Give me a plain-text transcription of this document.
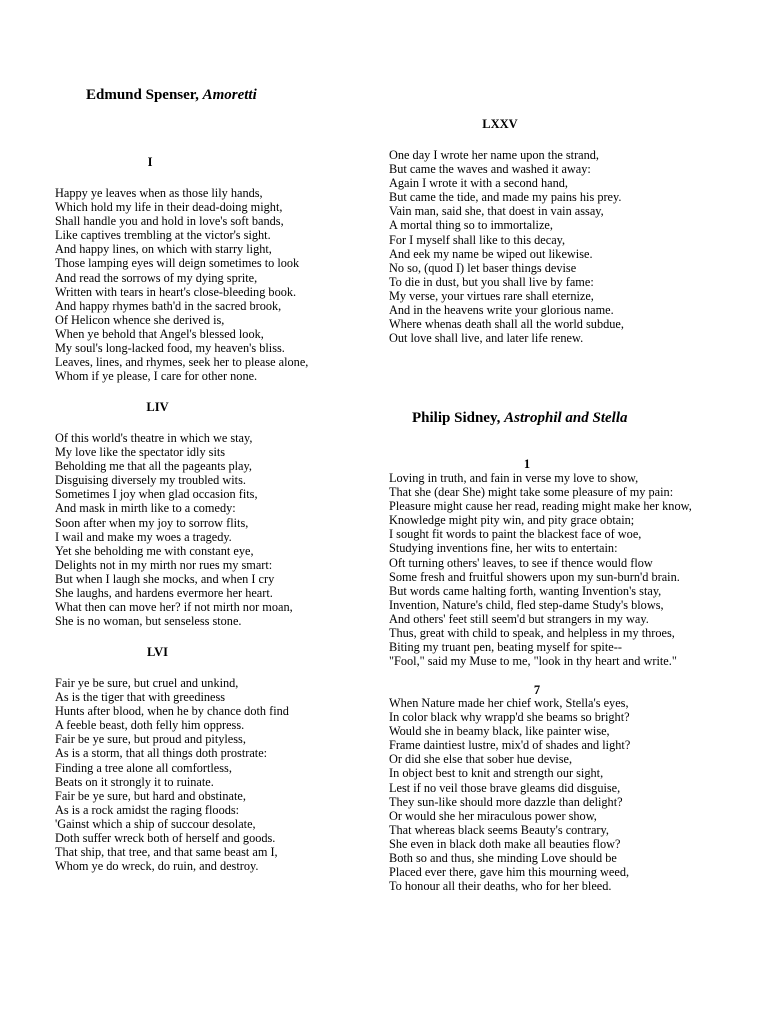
Edmund Spenser, Amoretti
I
Happy ye leaves when as those lily hands,
Which hold my life in their dead-doing might,
Shall handle you and hold in love's soft bands,
Like captives trembling at the victor's sight.
And happy lines, on which with starry light,
Those lamping eyes will deign sometimes to look
And read the sorrows of my dying sprite,
Written with tears in heart's close-bleeding book.
And happy rhymes bath'd in the sacred brook,
Of Helicon whence she derived is,
When ye behold that Angel's blessed look,
My soul's long-lacked food, my heaven's bliss.
Leaves, lines, and rhymes, seek her to please alone,
Whom if ye please, I care for other none.
LIV
Of this world's theatre in which we stay,
My love like the spectator idly sits
Beholding me that all the pageants play,
Disguising diversely my troubled wits.
Sometimes I joy when glad occasion fits,
And mask in mirth like to a comedy:
Soon after when my joy to sorrow flits,
I wail and make my woes a tragedy.
Yet she beholding me with constant eye,
Delights not in my mirth nor rues my smart:
But when I laugh she mocks, and when I cry
She laughs, and hardens evermore her heart.
What then can move her? if not mirth nor moan,
She is no woman, but senseless stone.
LVI
Fair ye be sure, but cruel and unkind,
As is the tiger that with greediness
Hunts after blood, when he by chance doth find
A feeble beast, doth felly him oppress.
Fair be ye sure, but proud and pityless,
As is a storm, that all things doth prostrate:
Finding a tree alone all comfortless,
Beats on it strongly it to ruinate.
Fair be ye sure, but hard and obstinate,
As is a rock amidst the raging floods:
'Gainst which a ship of succour desolate,
Doth suffer wreck both of herself and goods.
That ship, that tree, and that same beast am I,
Whom ye do wreck, do ruin, and destroy.
LXXV
One day I wrote her name upon the strand,
But came the waves and washed it away:
Again I wrote it with a second hand,
But came the tide, and made my pains his prey.
Vain man, said she, that doest in vain assay,
A mortal thing so to immortalize,
For I myself shall like to this decay,
And eek my name be wiped out likewise.
No so, (quod I) let baser things devise
To die in dust, but you shall live by fame:
My verse, your virtues rare shall eternize,
And in the heavens write your glorious name.
Where whenas death shall all the world subdue,
Out love shall live, and later life renew.
Philip Sidney, Astrophil and Stella
1
Loving in truth, and fain in verse my love to show,
That she (dear She) might take some pleasure of my pain:
Pleasure might cause her read, reading might make her know,
Knowledge might pity win, and pity grace obtain;
I sought fit words to paint the blackest face of woe,
Studying inventions fine, her wits to entertain:
Oft turning others' leaves, to see if thence would flow
Some fresh and fruitful showers upon my sun-burn'd brain.
But words came halting forth, wanting Invention's stay,
Invention, Nature's child, fled step-dame Study's blows,
And others' feet still seem'd but strangers in my way.
Thus, great with child to speak, and helpless in my throes,
Biting my truant pen, beating myself for spite--
"Fool," said my Muse to me, "look in thy heart and write."
7
When Nature made her chief work, Stella's eyes,
In color black why wrapp'd she beams so bright?
Would she in beamy black, like painter wise,
Frame daintiest lustre, mix'd of shades and light?
Or did she else that sober hue devise,
In object best to knit and strength our sight,
Lest if no veil those brave gleams did disguise,
They sun-like should more dazzle than delight?
Or would she her miraculous power show,
That whereas black seems Beauty's contrary,
She even in black doth make all beauties flow?
Both so and thus, she minding Love should be
Placed ever there, gave him this mourning weed,
To honour all their deaths, who for her bleed.
